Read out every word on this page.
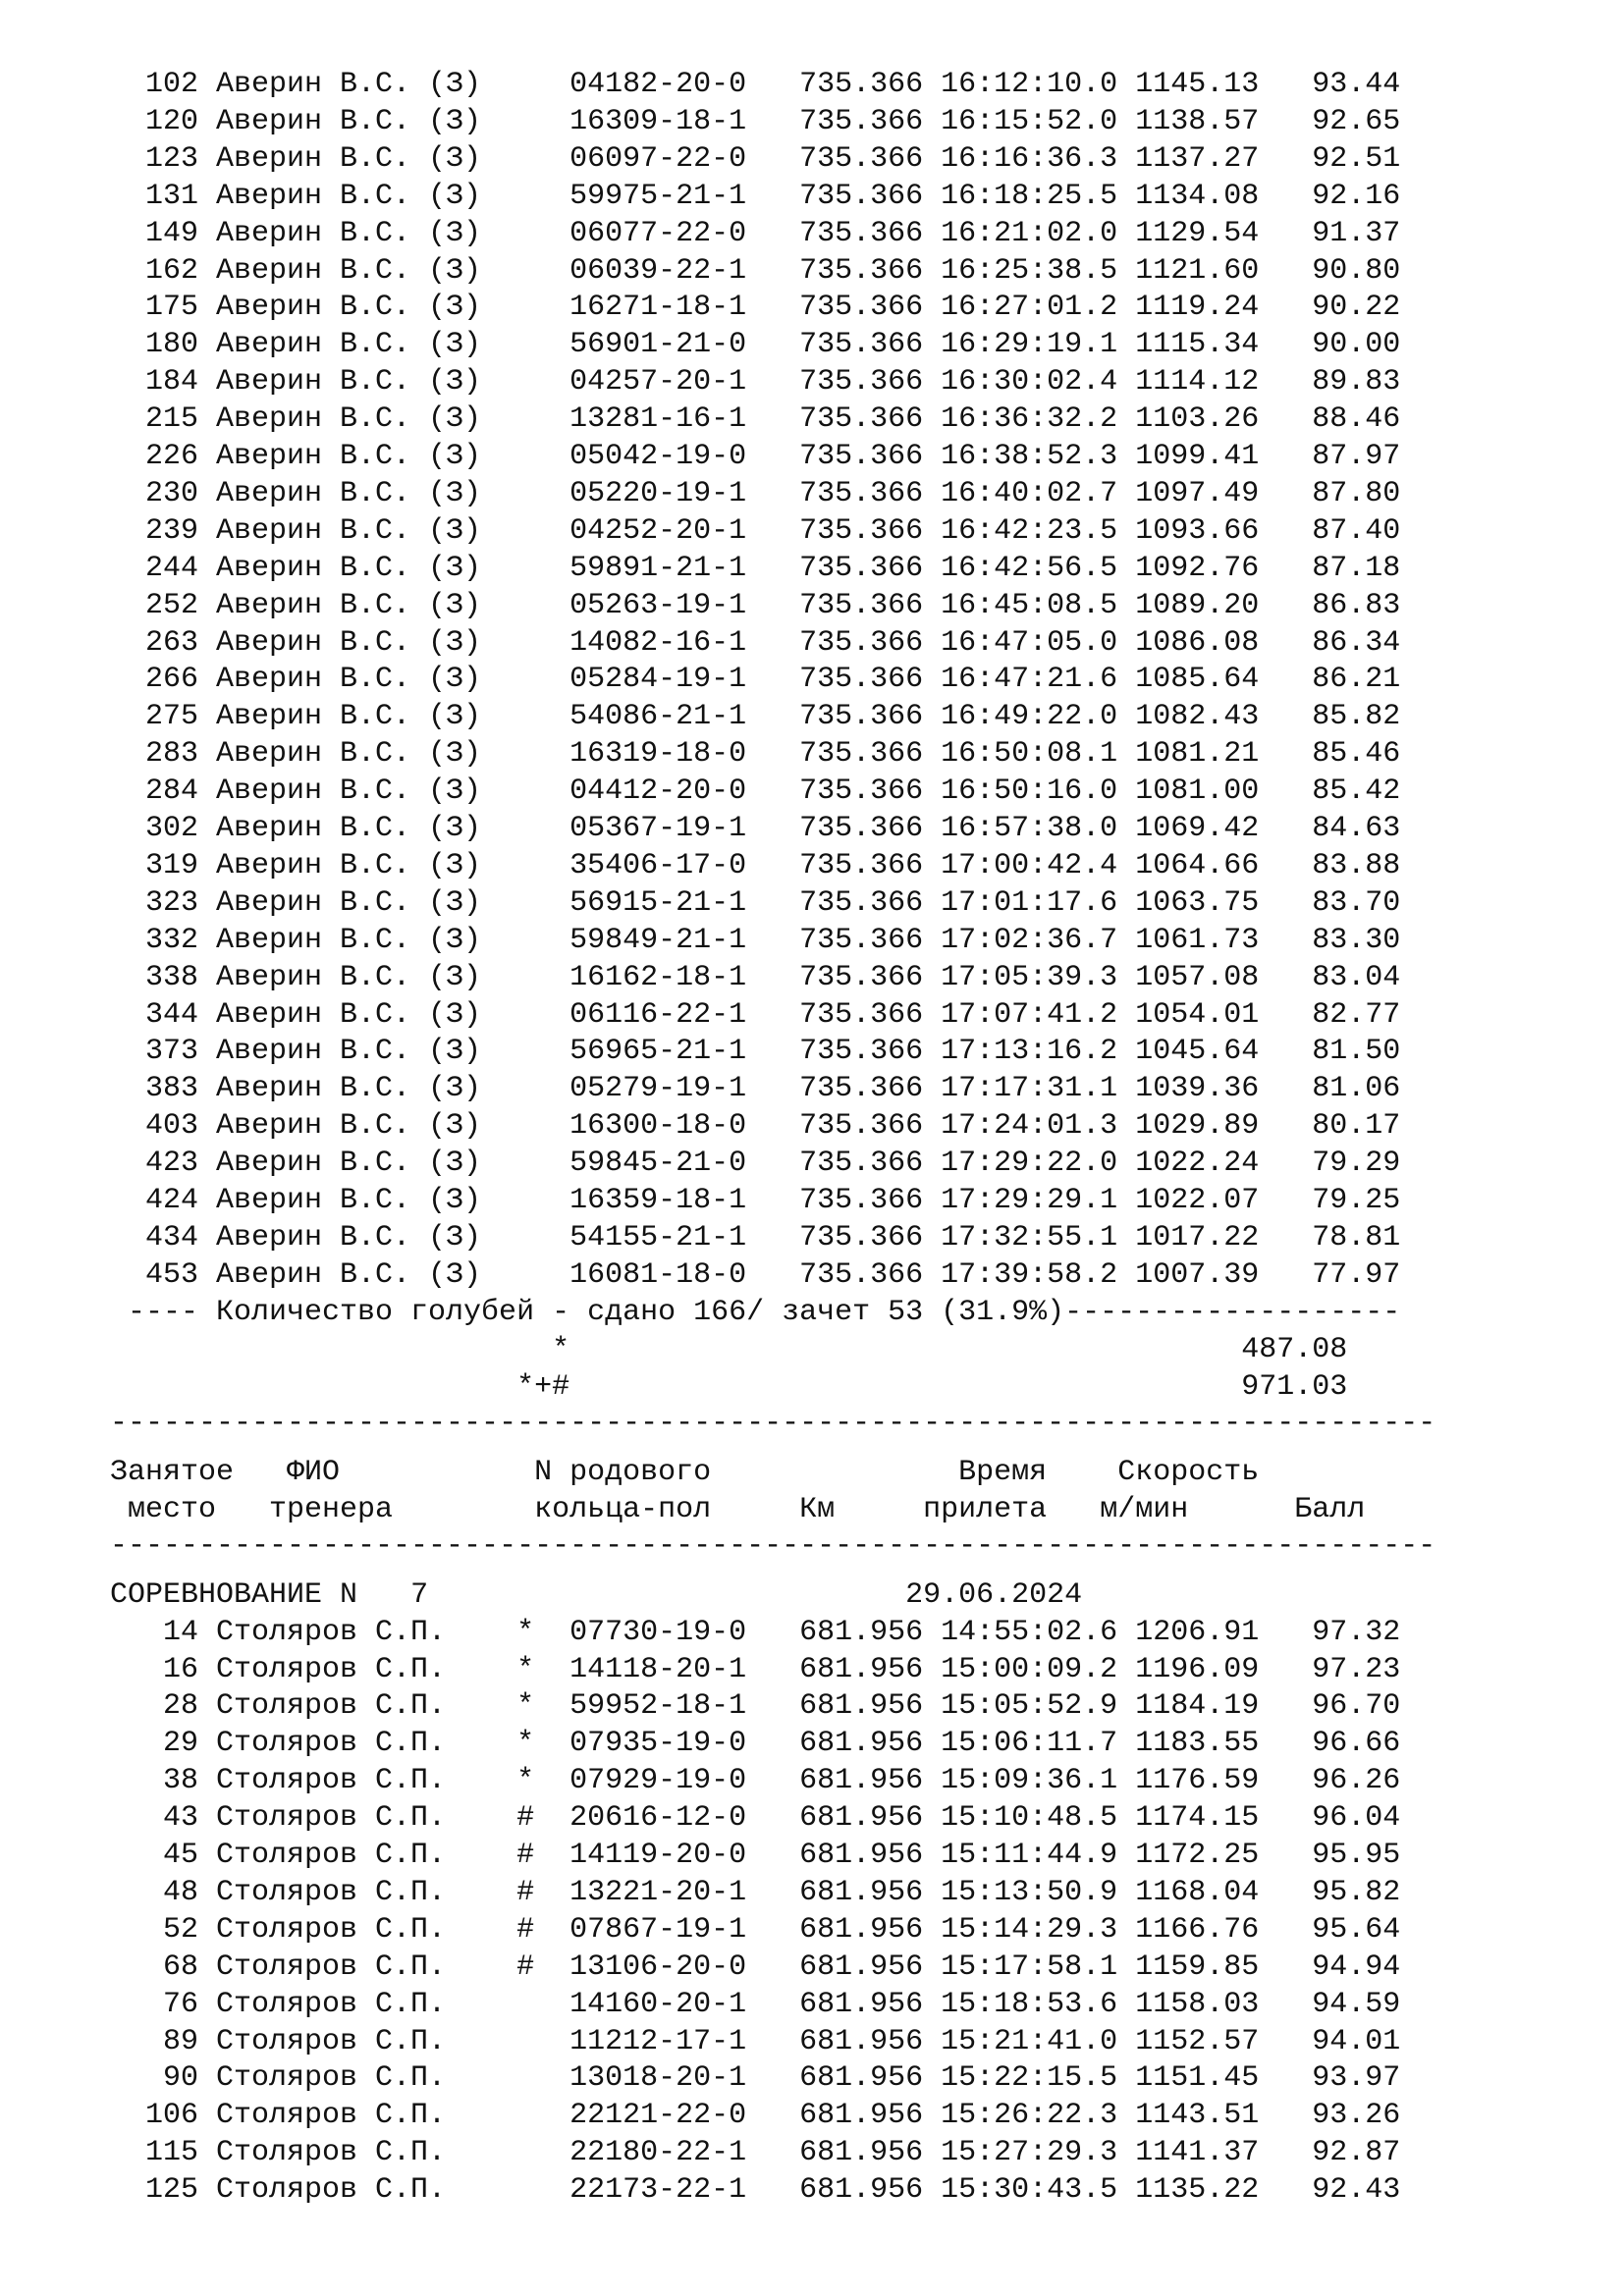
102 Аверин В.С. (З)	04182-20-0   735.366 16:12:10.0 1145.13   93.44
120 Аверин В.С. (З)	16309-18-1   735.366 16:15:52.0 1138.57   92.65
123 Аверин В.С. (З)	06097-22-0   735.366 16:16:36.3 1137.27   92.51
131 Аверин В.С. (З)	59975-21-1   735.366 16:18:25.5 1134.08   92.16
149 Аверин В.С. (З)	06077-22-0   735.366 16:21:02.0 1129.54   91.37
162 Аверин В.С. (З)	06039-22-1   735.366 16:25:38.5 1121.60   90.80
175 Аверин В.С. (З)	16271-18-1   735.366 16:27:01.2 1119.24   90.22
180 Аверин В.С. (З)	56901-21-0   735.366 16:29:19.1 1115.34   90.00
184 Аверин В.С. (З)	04257-20-1   735.366 16:30:02.4 1114.12   89.83
215 Аверин В.С. (З)	13281-16-1   735.366 16:36:32.2 1103.26   88.46
226 Аверин В.С. (З)	05042-19-0   735.366 16:38:52.3 1099.41   87.97
230 Аверин В.С. (З)	05220-19-1   735.366 16:40:02.7 1097.49   87.80
239 Аверин В.С. (З)	04252-20-1   735.366 16:42:23.5 1093.66   87.40
244 Аверин В.С. (З)	59891-21-1   735.366 16:42:56.5 1092.76   87.18
252 Аверин В.С. (З)	05263-19-1   735.366 16:45:08.5 1089.20   86.83
263 Аверин В.С. (З)	14082-16-1   735.366 16:47:05.0 1086.08   86.34
266 Аверин В.С. (З)	05284-19-1   735.366 16:47:21.6 1085.64   86.21
275 Аверин В.С. (З)	54086-21-1   735.366 16:49:22.0 1082.43   85.82
283 Аверин В.С. (З)	16319-18-0   735.366 16:50:08.1 1081.21   85.46
284 Аверин В.С. (З)	04412-20-0   735.366 16:50:16.0 1081.00   85.42
302 Аверин В.С. (З)	05367-19-1   735.366 16:57:38.0 1069.42   84.63
319 Аверин В.С. (З)	35406-17-0   735.366 17:00:42.4 1064.66   83.88
323 Аверин В.С. (З)	56915-21-1   735.366 17:01:17.6 1063.75   83.70
332 Аверин В.С. (З)	59849-21-1   735.366 17:02:36.7 1061.73   83.30
338 Аверин В.С. (З)	16162-18-1   735.366 17:05:39.3 1057.08   83.04
344 Аверин В.С. (З)	06116-22-1   735.366 17:07:41.2 1054.01   82.77
373 Аверин В.С. (З)	56965-21-1   735.366 17:13:16.2 1045.64   81.50
383 Аверин В.С. (З)	05279-19-1   735.366 17:17:31.1 1039.36   81.06
403 Аверин В.С. (З)	16300-18-0   735.366 17:24:01.3 1029.89   80.17
423 Аверин В.С. (З)	59845-21-0   735.366 17:29:22.0 1022.24   79.29
424 Аверин В.С. (З)	16359-18-1   735.366 17:29:29.1 1022.07   79.25
434 Аверин В.С. (З)	54155-21-1   735.366 17:32:55.1 1017.22   78.81
453 Аверин В.С. (З)	16081-18-0   735.366 17:39:58.2 1007.39   77.97
---- Количество голубей - сдано 166/ зачет 53 (31.9%)-------------------
*                                      487.08
*+#                                      971.03
---------------------------------------------------------------------------
Занятое   ФИО           N родового              Время    Скорость
место   тренера        кольца-пол     Км     прилета   м/мин      Балл
---------------------------------------------------------------------------
СОРЕВНОВАНИЕ N   7                           29.06.2024
14 Столяров С.П.    *  07730-19-0   681.956 14:55:02.6 1206.91   97.32
16 Столяров С.П.    *  14118-20-1   681.956 15:00:09.2 1196.09   97.23
28 Столяров С.П.    *  59952-18-1   681.956 15:05:52.9 1184.19   96.70
29 Столяров С.П.    *  07935-19-0   681.956 15:06:11.7 1183.55   96.66
38 Столяров С.П.    *  07929-19-0   681.956 15:09:36.1 1176.59   96.26
43 Столяров С.П.    #  20616-12-0   681.956 15:10:48.5 1174.15   96.04
45 Столяров С.П.    #  14119-20-0   681.956 15:11:44.9 1172.25   95.95
48 Столяров С.П.    #  13221-20-1   681.956 15:13:50.9 1168.04   95.82
52 Столяров С.П.    #  07867-19-1   681.956 15:14:29.3 1166.76   95.64
68 Столяров С.П.    #  13106-20-0   681.956 15:17:58.1 1159.85   94.94
76 Столяров С.П.	14160-20-1   681.956 15:18:53.6 1158.03   94.59
89 Столяров С.П.	11212-17-1   681.956 15:21:41.0 1152.57   94.01
90 Столяров С.П.	13018-20-1   681.956 15:22:15.5 1151.45   93.97
106 Столяров С.П.	22121-22-0   681.956 15:26:22.3 1143.51   93.26
115 Столяров С.П.	22180-22-1   681.956 15:27:29.3 1141.37   92.87
125 Столяров С.П.	22173-22-1   681.956 15:30:43.5 1135.22   92.43
